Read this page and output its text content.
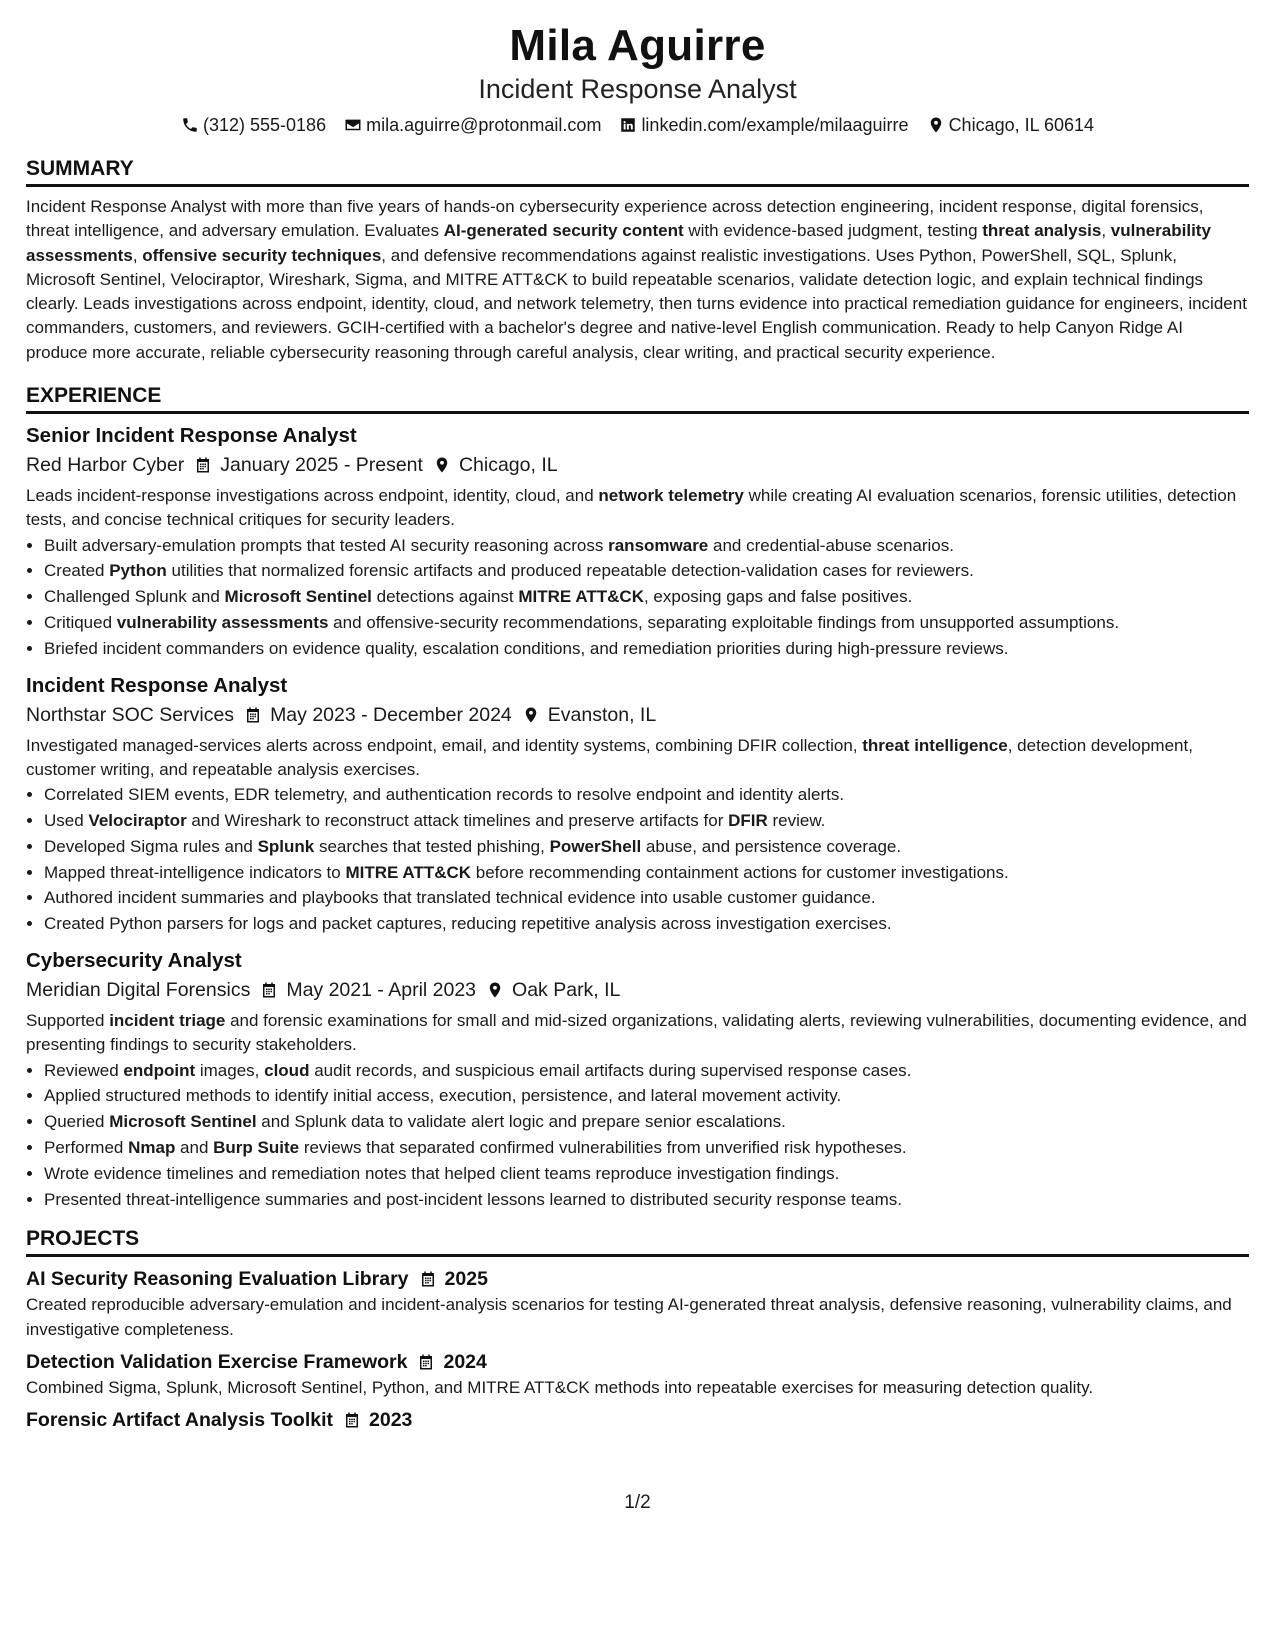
Mila Aguirre
Incident Response Analyst
(312) 555-0186 mila.aguirre@protonmail.com linkedin.com/example/milaaguirre Chicago, IL 60614
SUMMARY

Incident Response Analyst with more than five years of hands-on cybersecurity experience across detection engineering, incident response, digital forensics, threat intelligence, and adversary emulation. Evaluates AI-generated security content with evidence-based judgment, testing threat analysis, vulnerability assessments, offensive security techniques, and defensive recommendations against realistic investigations. Uses Python, PowerShell, SQL, Splunk, Microsoft Sentinel, Velociraptor, Wireshark, Sigma, and MITRE ATT&CK to build repeatable scenarios, validate detection logic, and explain technical findings clearly. Leads investigations across endpoint, identity, cloud, and network telemetry, then turns evidence into practical remediation guidance for engineers, incident commanders, customers, and reviewers. GCIH-certified with a bachelor's degree and native-level English communication. Ready to help Canyon Ridge AI produce more accurate, reliable cybersecurity reasoning through careful analysis, clear writing, and practical security experience.

EXPERIENCE
Senior Incident Response Analyst
Red Harbor Cyber January 2025 - Present Chicago, IL

Leads incident-response investigations across endpoint, identity, cloud, and network telemetry while creating AI evaluation scenarios, forensic utilities, detection tests, and concise technical critiques for security leaders.

• Built adversary-emulation prompts that tested AI security reasoning across ransomware and credential-abuse scenarios.
• Created Python utilities that normalized forensic artifacts and produced repeatable detection-validation cases for reviewers.
• Challenged Splunk and Microsoft Sentinel detections against MITRE ATT&CK, exposing gaps and false positives.
• Critiqued vulnerability assessments and offensive-security recommendations, separating exploitable findings from unsupported assumptions.
• Briefed incident commanders on evidence quality, escalation conditions, and remediation priorities during high-pressure reviews.
Incident Response Analyst
Northstar SOC Services May 2023 - December 2024 Evanston, IL

Investigated managed-services alerts across endpoint, email, and identity systems, combining DFIR collection, threat intelligence, detection development, customer writing, and repeatable analysis exercises.

• Correlated SIEM events, EDR telemetry, and authentication records to resolve endpoint and identity alerts.
• Used Velociraptor and Wireshark to reconstruct attack timelines and preserve artifacts for DFIR review.
• Developed Sigma rules and Splunk searches that tested phishing, PowerShell abuse, and persistence coverage.
• Mapped threat-intelligence indicators to MITRE ATT&CK before recommending containment actions for customer investigations.
• Authored incident summaries and playbooks that translated technical evidence into usable customer guidance.
• Created Python parsers for logs and packet captures, reducing repetitive analysis across investigation exercises.
Cybersecurity Analyst
Meridian Digital Forensics May 2021 - April 2023 Oak Park, IL

Supported incident triage and forensic examinations for small and mid-sized organizations, validating alerts, reviewing vulnerabilities, documenting evidence, and presenting findings to security stakeholders.

• Reviewed endpoint images, cloud audit records, and suspicious email artifacts during supervised response cases.
• Applied structured methods to identify initial access, execution, persistence, and lateral movement activity.
• Queried Microsoft Sentinel and Splunk data to validate alert logic and prepare senior escalations.
• Performed Nmap and Burp Suite reviews that separated confirmed vulnerabilities from unverified risk hypotheses.
• Wrote evidence timelines and remediation notes that helped client teams reproduce investigation findings.
• Presented threat-intelligence summaries and post-incident lessons learned to distributed security response teams.
PROJECTS
AI Security Reasoning Evaluation Library 2025

Created reproducible adversary-emulation and incident-analysis scenarios for testing AI-generated threat analysis, defensive reasoning, vulnerability claims, and investigative completeness.

Detection Validation Exercise Framework 2024

Combined Sigma, Splunk, Microsoft Sentinel, Python, and MITRE ATT&CK methods into repeatable exercises for measuring detection quality.

Forensic Artifact Analysis Toolkit 2023
1/2
